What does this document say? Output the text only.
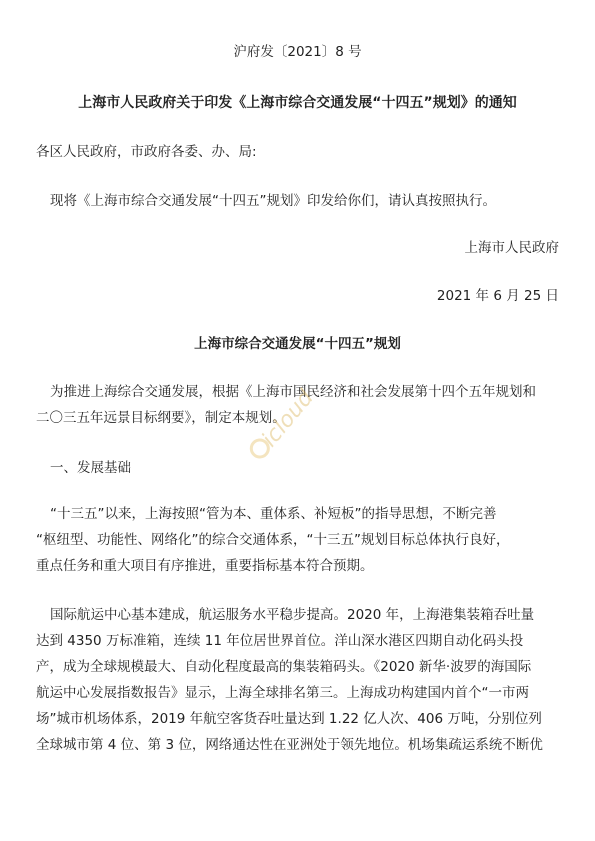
沪府发〔2021〕8 号
上海市人民政府关于印发《上海市综合交通发展“十四五”规划》的通知
各区人民政府，市政府各委、办、局:
现将《上海市综合交通发展“十四五”规划》印发给你们，请认真按照执行。
上海市人民政府
2021 年 6 月 25 日
上海市综合交通发展“十四五”规划
为推进上海综合交通发展，根据《上海市国民经济和社会发展第十四个五年规划和
二〇三五年远景目标纲要》，制定本规划。
一、发展基础
“十三五”以来，上海按照“管为本、重体系、补短板”的指导思想，不断完善
“枢纽型、功能性、网络化”的综合交通体系，“十三五”规划目标总体执行良好，
重点任务和重大项目有序推进，重要指标基本符合预期。
国际航运中心基本建成，航运服务水平稳步提高。2020 年，上海港集装箱吞吐量
达到 4350 万标准箱，连续 11 年位居世界首位。洋山深水港区四期自动化码头投
产，成为全球规模最大、自动化程度最高的集装箱码头。《2020 新华·波罗的海国际
航运中心发展指数报告》显示，上海全球排名第三。上海成功构建国内首个“一市两
场”城市机场体系，2019 年航空客货吞吐量达到 1.22 亿人次、406 万吨，分别位列
全球城市第 4 位、第 3 位，网络通达性在亚洲处于领先地位。机场集疏运系统不断优
icloud
